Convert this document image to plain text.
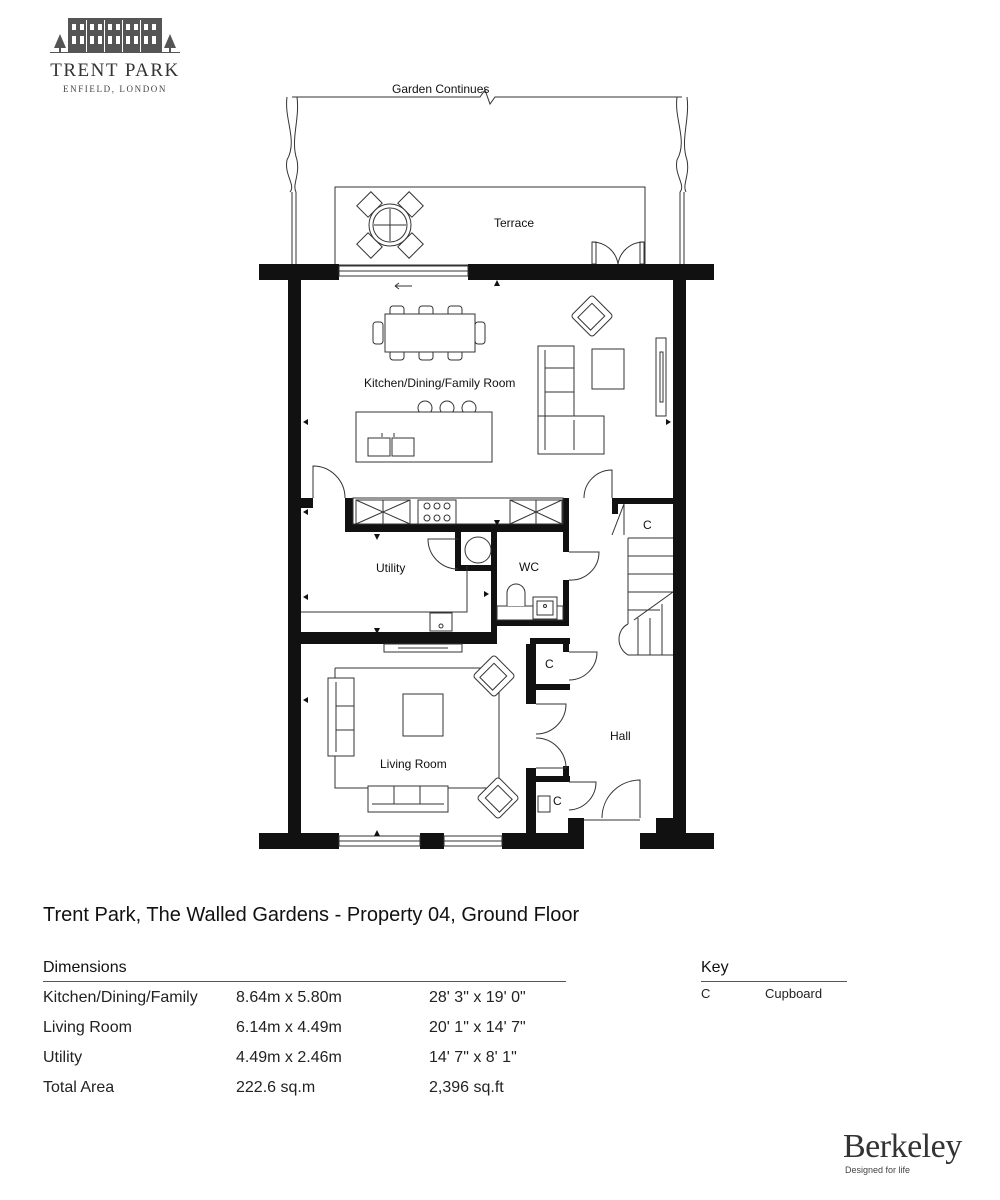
TRENT PARK
ENFIELD, LONDON	Garden Continues
Terrace
Kitchen/Dining/Family Room
Utility	WC
Hall
Living Room
C
C
C
Trent Park, The Walled Gardens - Property 04, Ground Floor
Dimensions
Kitchen/Dining/Family 8.64m x 5.80m	28' 3" x 19' 0"
Living Room	6.14m x 4.49m	20' 1" x 14' 7"
Utility	4.49m x 2.46m	14' 7" x 8' 1"
Total Area	222.6 sq.m	2,396 sq.ft
Key
C	Cupboard
Berkeley
Designed for life
